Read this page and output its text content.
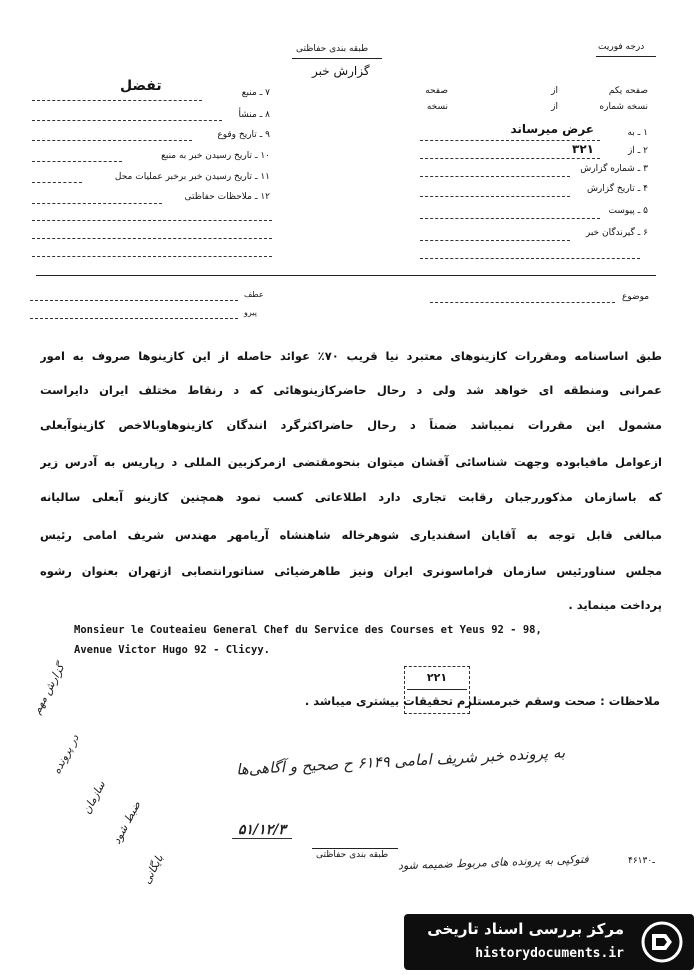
طبقه بندی حفاظتی
گزارش خبر
درجه فوریت
صفحه یکم
از
صفحه
نسخه شماره
از
نسخه
۱ ـ به
عرض میرساند
۲ ـ از
۳۲۱
۳ ـ شماره گزارش
۴ ـ تاریخ گزارش
۵ ـ پیوست
۶ ـ گیرندگان خبر
۷ ـ منبع
تفضل
۸ ـ منشأ
۹ ـ تاریخ وقوع
۱۰ ـ تاریخ رسیدن خبر به منبع
۱۱ ـ تاریخ رسیدن خبر برخبر عملیات محل
۱۲ ـ ملاحظات حفاظتی
موضوع
عطف
پیرو
طبق اساسنامه ومقررات کازینوهای معتبرد نیا قریب ۷۰٪ عوائد حاصله از این کازینوها صروف به امور
عمرانی ومنطقه ای خواهد شد ولی د رحال حاضرکازینوهائی که د رنقاط مختلف ایران دایراست
مشمول این مقررات نمیباشد ضمناً د رحال حاضراکثرگرد انندگان کازینوهاوبالاخص کازینوآبعلی
ازعوامل مافیابوده وجهت شناسائی آقشان میتوان بنحومقتضی ازمرکزبین المللی د رپاریس به آدرس زیر
که باسازمان مذکوررجبان رقابت تجاری دارد اطلاعاتی کسب نمود همچنین کازینو آبعلی سالیانه
مبالغی قابل توجه به آقایان اسفندیاری شوهرخاله شاهنشاه آریامهر مهندس شریف امامی رئیس
مجلس سناورئیس سازمان فراماسونری ایران ونیز طاهرضیائی سناتورانتصابی ازتهران بعنوان رشوه
پرداخت مینماید .
Monsieur le Couteaieu General Chef du Service des Courses et Yeus 92 - 98,
Avenue Victor Hugo 92 - Clicyy.
۲۲۱
ملاحظات : صحت وسقم خبرمستلزم تحقیقات بیشتری میباشد .
به پرونده خبر شریف امامی ۶۱۴۹ ح صحیح و آگاهی‌ها
گزارش مهم
در پرونده
سازمان
ضبط شود
بایگانی
۵۱/۱۲/۳
فتوکپی به پرونده های مربوط ضمیمه شود	۴۶ـ۱۳۰
طبقه بندی حفاظتی
مرکز بررسی اسناد تاریخی
historydocuments.ir
